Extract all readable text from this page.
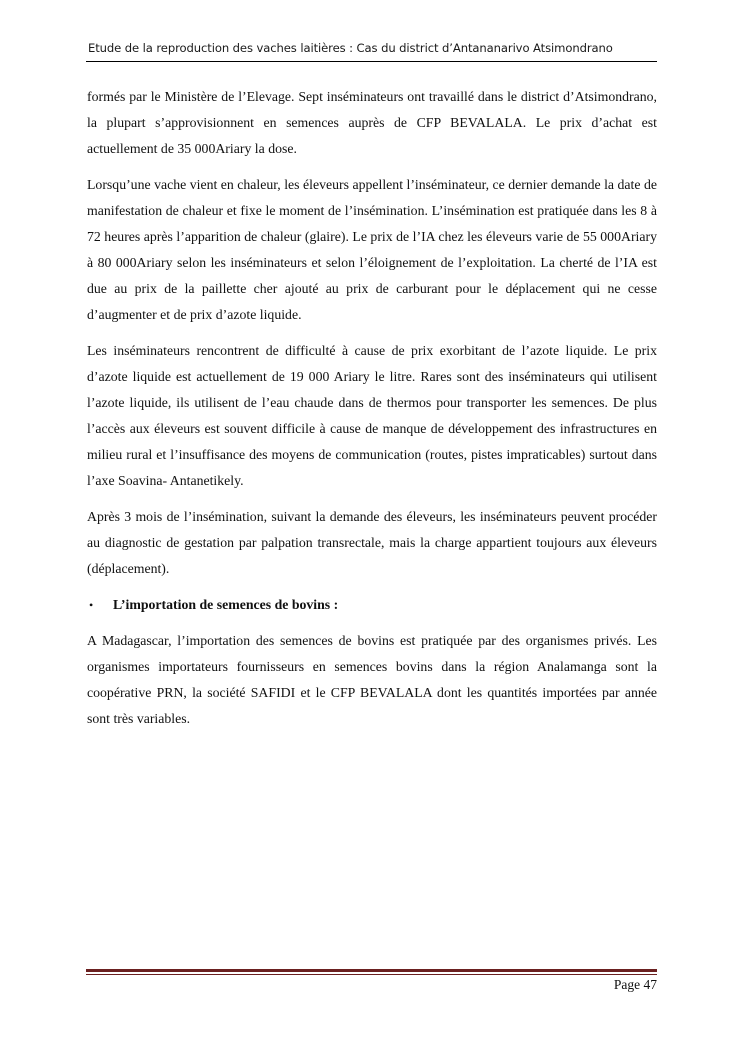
Etude de la reproduction des vaches laitières : Cas du district d’Antananarivo Atsimondrano

formés par le Ministère de l’Elevage. Sept inséminateurs ont travaillé dans le district d’Atsimondrano, la plupart s’approvisionnent en semences auprès de CFP BEVALALA. Le prix d’achat est actuellement de 35 000Ariary la dose.

Lorsqu’une vache vient en chaleur, les éleveurs appellent l’inséminateur, ce dernier demande la date de manifestation de chaleur et fixe le moment de l’insémination. L’insémination est pratiquée dans les 8 à 72 heures après l’apparition de chaleur (glaire). Le prix de l’IA chez les éleveurs varie de 55 000Ariary à 80 000Ariary selon les inséminateurs et selon l’éloignement de l’exploitation. La cherté de l’IA est due au prix de la paillette cher ajouté au prix de carburant pour le déplacement qui ne cesse d’augmenter et de prix d’azote liquide.

Les inséminateurs rencontrent de difficulté à cause de prix exorbitant de l’azote liquide. Le prix d’azote liquide est actuellement de 19 000 Ariary le litre. Rares sont des inséminateurs qui utilisent l’azote liquide, ils utilisent de l’eau chaude dans de thermos pour transporter les semences. De plus l’accès aux éleveurs est souvent difficile à cause de manque de développement des infrastructures en milieu rural et l’insuffisance des moyens de communication (routes, pistes impraticables) surtout dans l’axe Soavina- Antanetikely.

Après 3 mois de l’insémination, suivant la demande des éleveurs, les inséminateurs peuvent procéder au diagnostic de gestation par palpation transrectale, mais la charge appartient toujours aux éleveurs (déplacement).

•	L’importation de semences de bovins :

A Madagascar, l’importation des semences de bovins est pratiquée par des organismes privés. Les organismes importateurs fournisseurs en semences bovins dans la région Analamanga sont la coopérative PRN, la société SAFIDI et le CFP BEVALALA dont les quantités importées par année sont très variables.

Page 47
